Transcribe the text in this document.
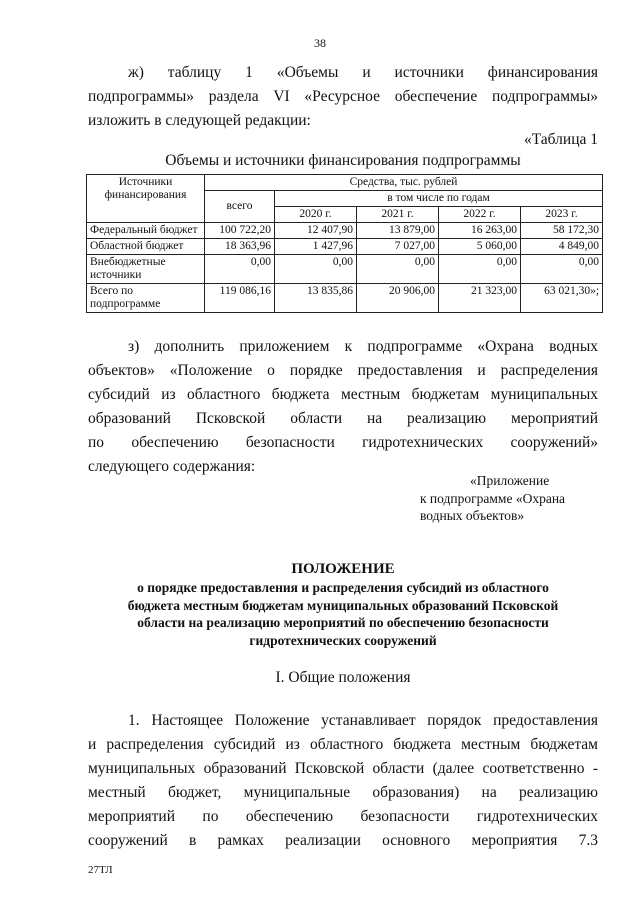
38
ж) таблицу 1 «Объемы и источники финансирования
подпрограммы» раздела VI «Ресурсное обеспечение подпрограммы»
изложить в следующей редакции:
«Таблица 1
Объемы и источники финансирования подпрограммы
Источники финансирования	Средства, тыс. рублей				
	всего	в том числе по годам			
		2020 г.	2021 г.	2022 г.	2023 г.
Федеральный бюджет	100 722,20	12 407,90	13 879,00	16 263,00	58 172,30
Областной бюджет	18 363,96	1 427,96	7 027,00	5 060,00	4 849,00
Внебюджетные источники	0,00	0,00	0,00	0,00	0,00
Всего по подпрограмме	119 086,16	13 835,86	20 906,00	21 323,00	63 021,30»;
з) дополнить приложением к подпрограмме «Охрана водных
объектов» «Положение о порядке предоставления и распределения
субсидий из областного бюджета местным бюджетам муниципальных
образований Псковской области на реализацию мероприятий
по обеспечению безопасности гидротехнических сооружений»
следующего содержания:
«Приложение
к подпрограмме «Охрана
водных объектов»
ПОЛОЖЕНИЕ
о порядке предоставления и распределения субсидий из областного
бюджета местным бюджетам муниципальных образований Псковской
области на реализацию мероприятий по обеспечению безопасности
гидротехнических сооружений
I. Общие положения
1. Настоящее Положение устанавливает порядок предоставления
и распределения субсидий из областного бюджета местным бюджетам
муниципальных образований Псковской области (далее соответственно -
местный бюджет, муниципальные образования) на реализацию
мероприятий по обеспечению безопасности гидротехнических
сооружений в рамках реализации основного мероприятия 7.3
27ТЛ
